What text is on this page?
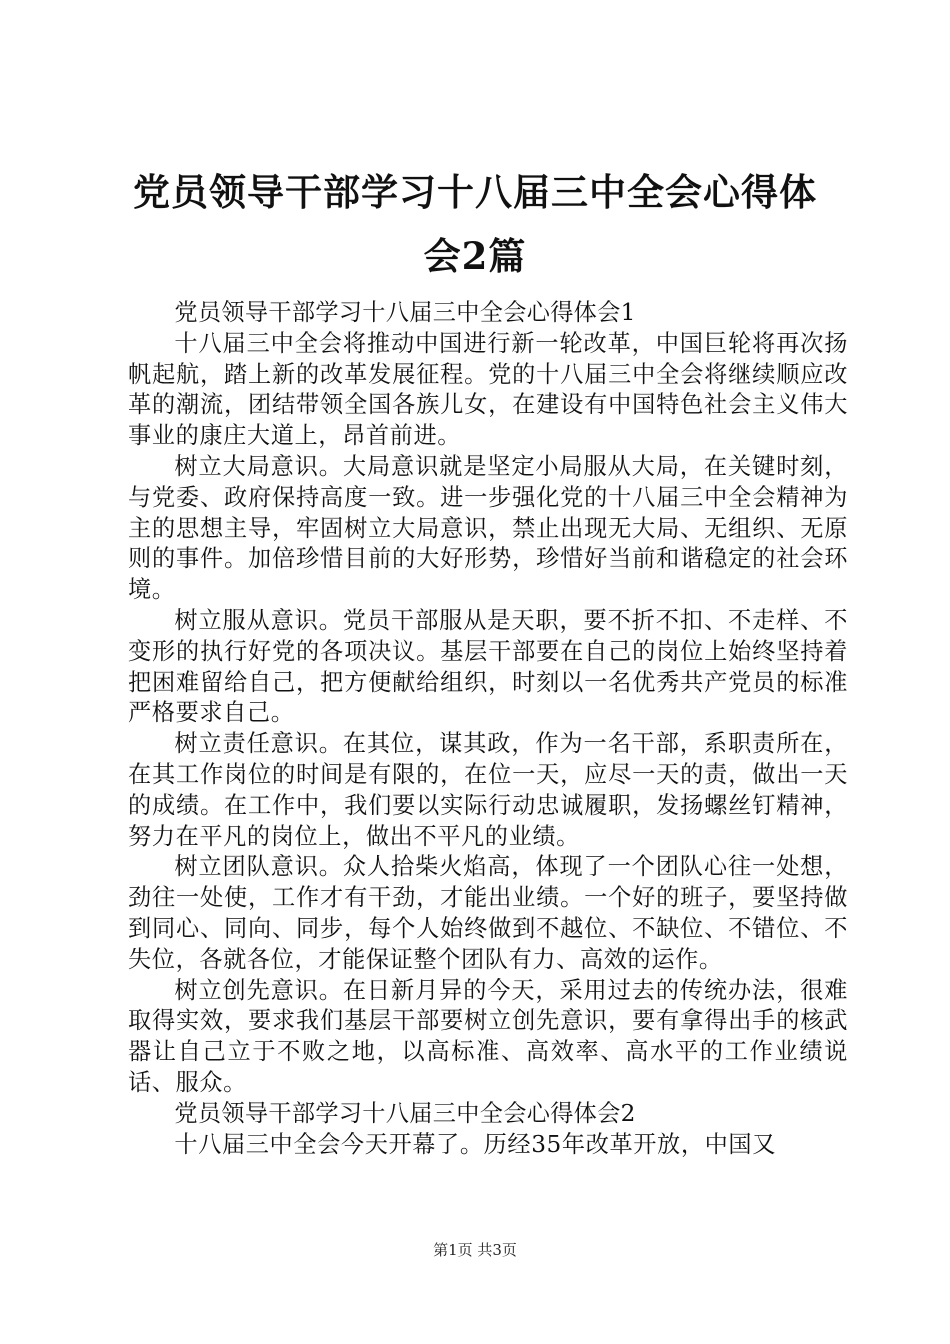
党员领导干部学习十八届三中全会心得体会2篇

党员领导干部学习十八届三中全会心得体会1

十八届三中全会将推动中国进行新一轮改革，中国巨轮将再次扬帆起航，踏上新的改革发展征程。党的十八届三中全会将继续顺应改革的潮流，团结带领全国各族儿女，在建设有中国特色社会主义伟大事业的康庄大道上，昂首前进。

树立大局意识。大局意识就是坚定小局服从大局，在关键时刻，与党委、政府保持高度一致。进一步强化党的十八届三中全会精神为主的思想主导，牢固树立大局意识，禁止出现无大局、无组织、无原则的事件。加倍珍惜目前的大好形势，珍惜好当前和谐稳定的社会环境。

树立服从意识。党员干部服从是天职，要不折不扣、不走样、不变形的执行好党的各项决议。基层干部要在自己的岗位上始终坚持着把困难留给自己，把方便献给组织，时刻以一名优秀共产党员的标准严格要求自己。

树立责任意识。在其位，谋其政，作为一名干部，系职责所在，在其工作岗位的时间是有限的，在位一天，应尽一天的责，做出一天的成绩。在工作中，我们要以实际行动忠诚履职，发扬螺丝钉精神，努力在平凡的岗位上，做出不平凡的业绩。

树立团队意识。众人拾柴火焰高，体现了一个团队心往一处想，劲往一处使，工作才有干劲，才能出业绩。一个好的班子，要坚持做到同心、同向、同步，每个人始终做到不越位、不缺位、不错位、不失位，各就各位，才能保证整个团队有力、高效的运作。

树立创先意识。在日新月异的今天，采用过去的传统办法，很难取得实效，要求我们基层干部要树立创先意识，要有拿得出手的核武器让自己立于不败之地，以高标准、高效率、高水平的工作业绩说话、服众。

党员领导干部学习十八届三中全会心得体会2

十八届三中全会今天开幕了。历经35年改革开放，中国又

第1页 共3页
